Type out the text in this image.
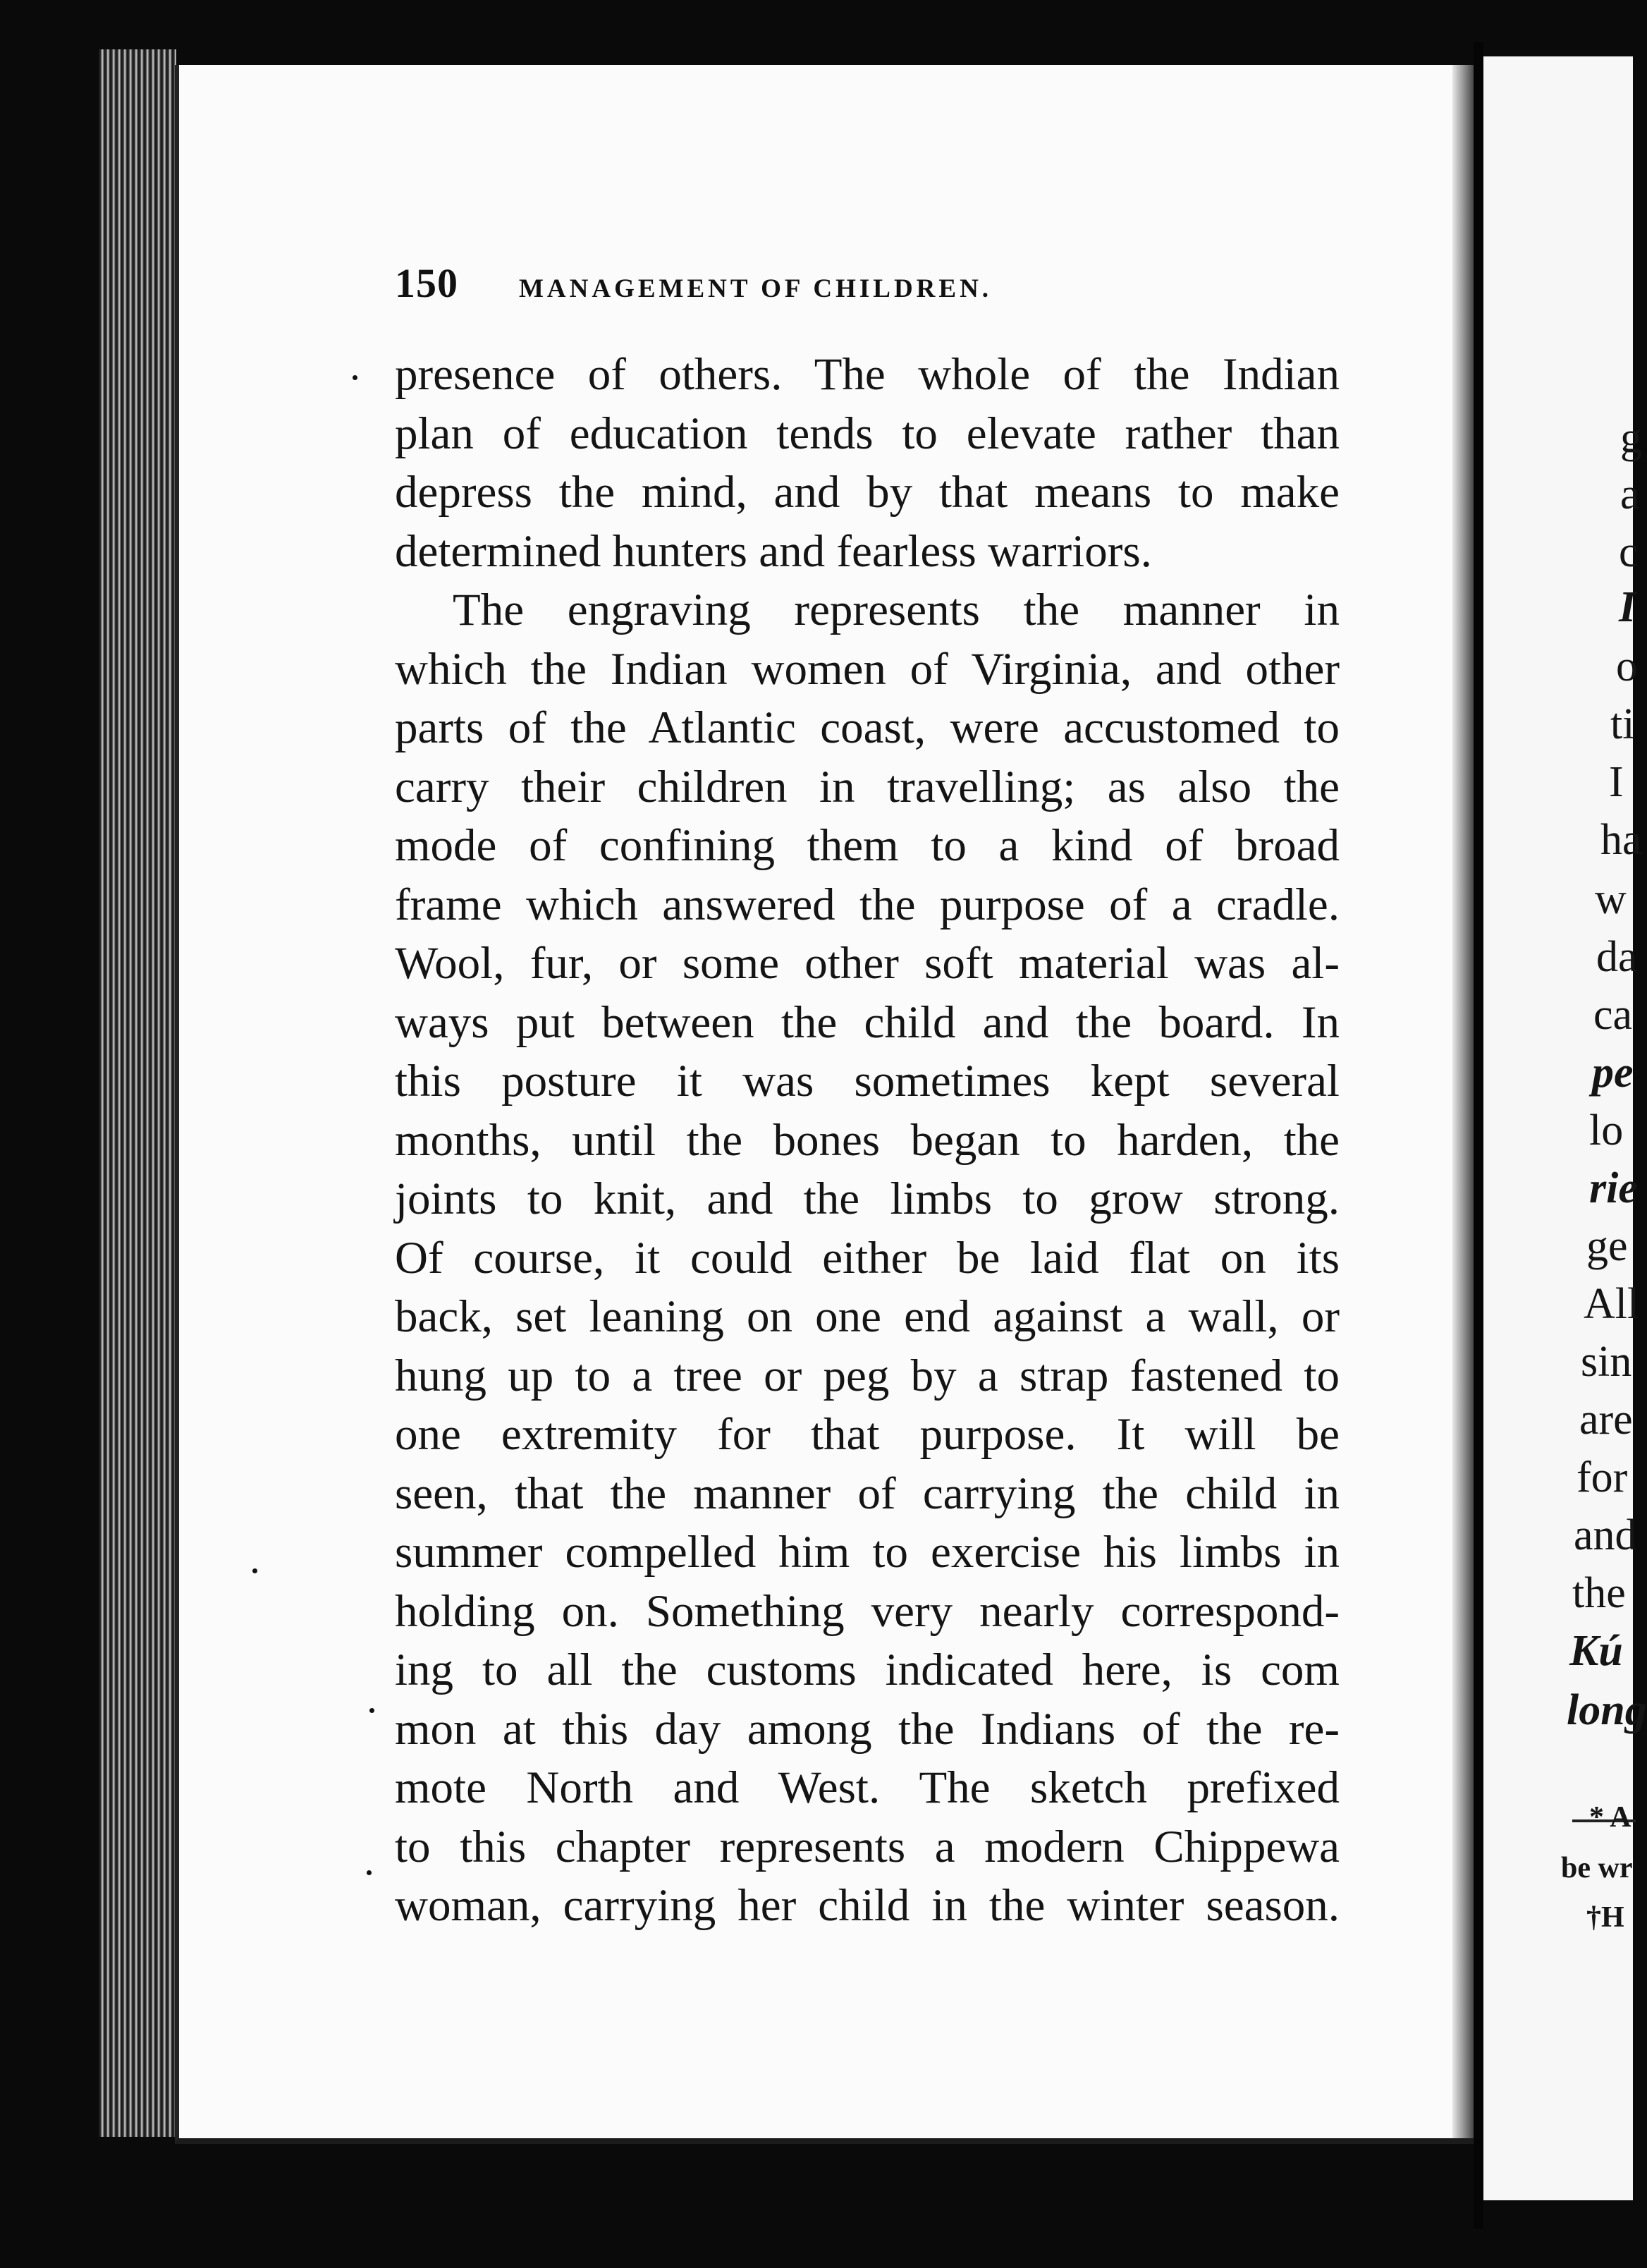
150 MANAGEMENT OF CHILDREN.
presence of others. The whole of the Indian
plan of education tends to elevate rather than
depress the mind, and by that means to make
determined hunters and fearless warriors.
The engraving represents the manner in
which the Indian women of Virginia, and other
parts of the Atlantic coast, were accustomed to
carry their children in travelling; as also the
mode of confining them to a kind of broad
frame which answered the purpose of a cradle.
Wool, fur, or some other soft material was al-
ways put between the child and the board. In
this posture it was sometimes kept several
months, until the bones began to harden, the
joints to knit, and the limbs to grow strong.
Of course, it could either be laid flat on its
back, set leaning on one end against a wall, or
hung up to a tree or peg by a strap fastened to
one extremity for that purpose. It will be
seen, that the manner of carrying the child in
summer compelled him to exercise his limbs in
holding on. Something very nearly correspond-
ing to all the customs indicated here, is com
mon at this day among the Indians of the re-
mote North and West. The sketch prefixed
to this chapter represents a modern Chippewa
woman, carrying her child in the winter season.
g
a
c
I
o
ti
I
ha
w
da
ca
pe
lo
rie
ge
All
sin
are
for
and
the
Kú
long
* A
be wr
†H
